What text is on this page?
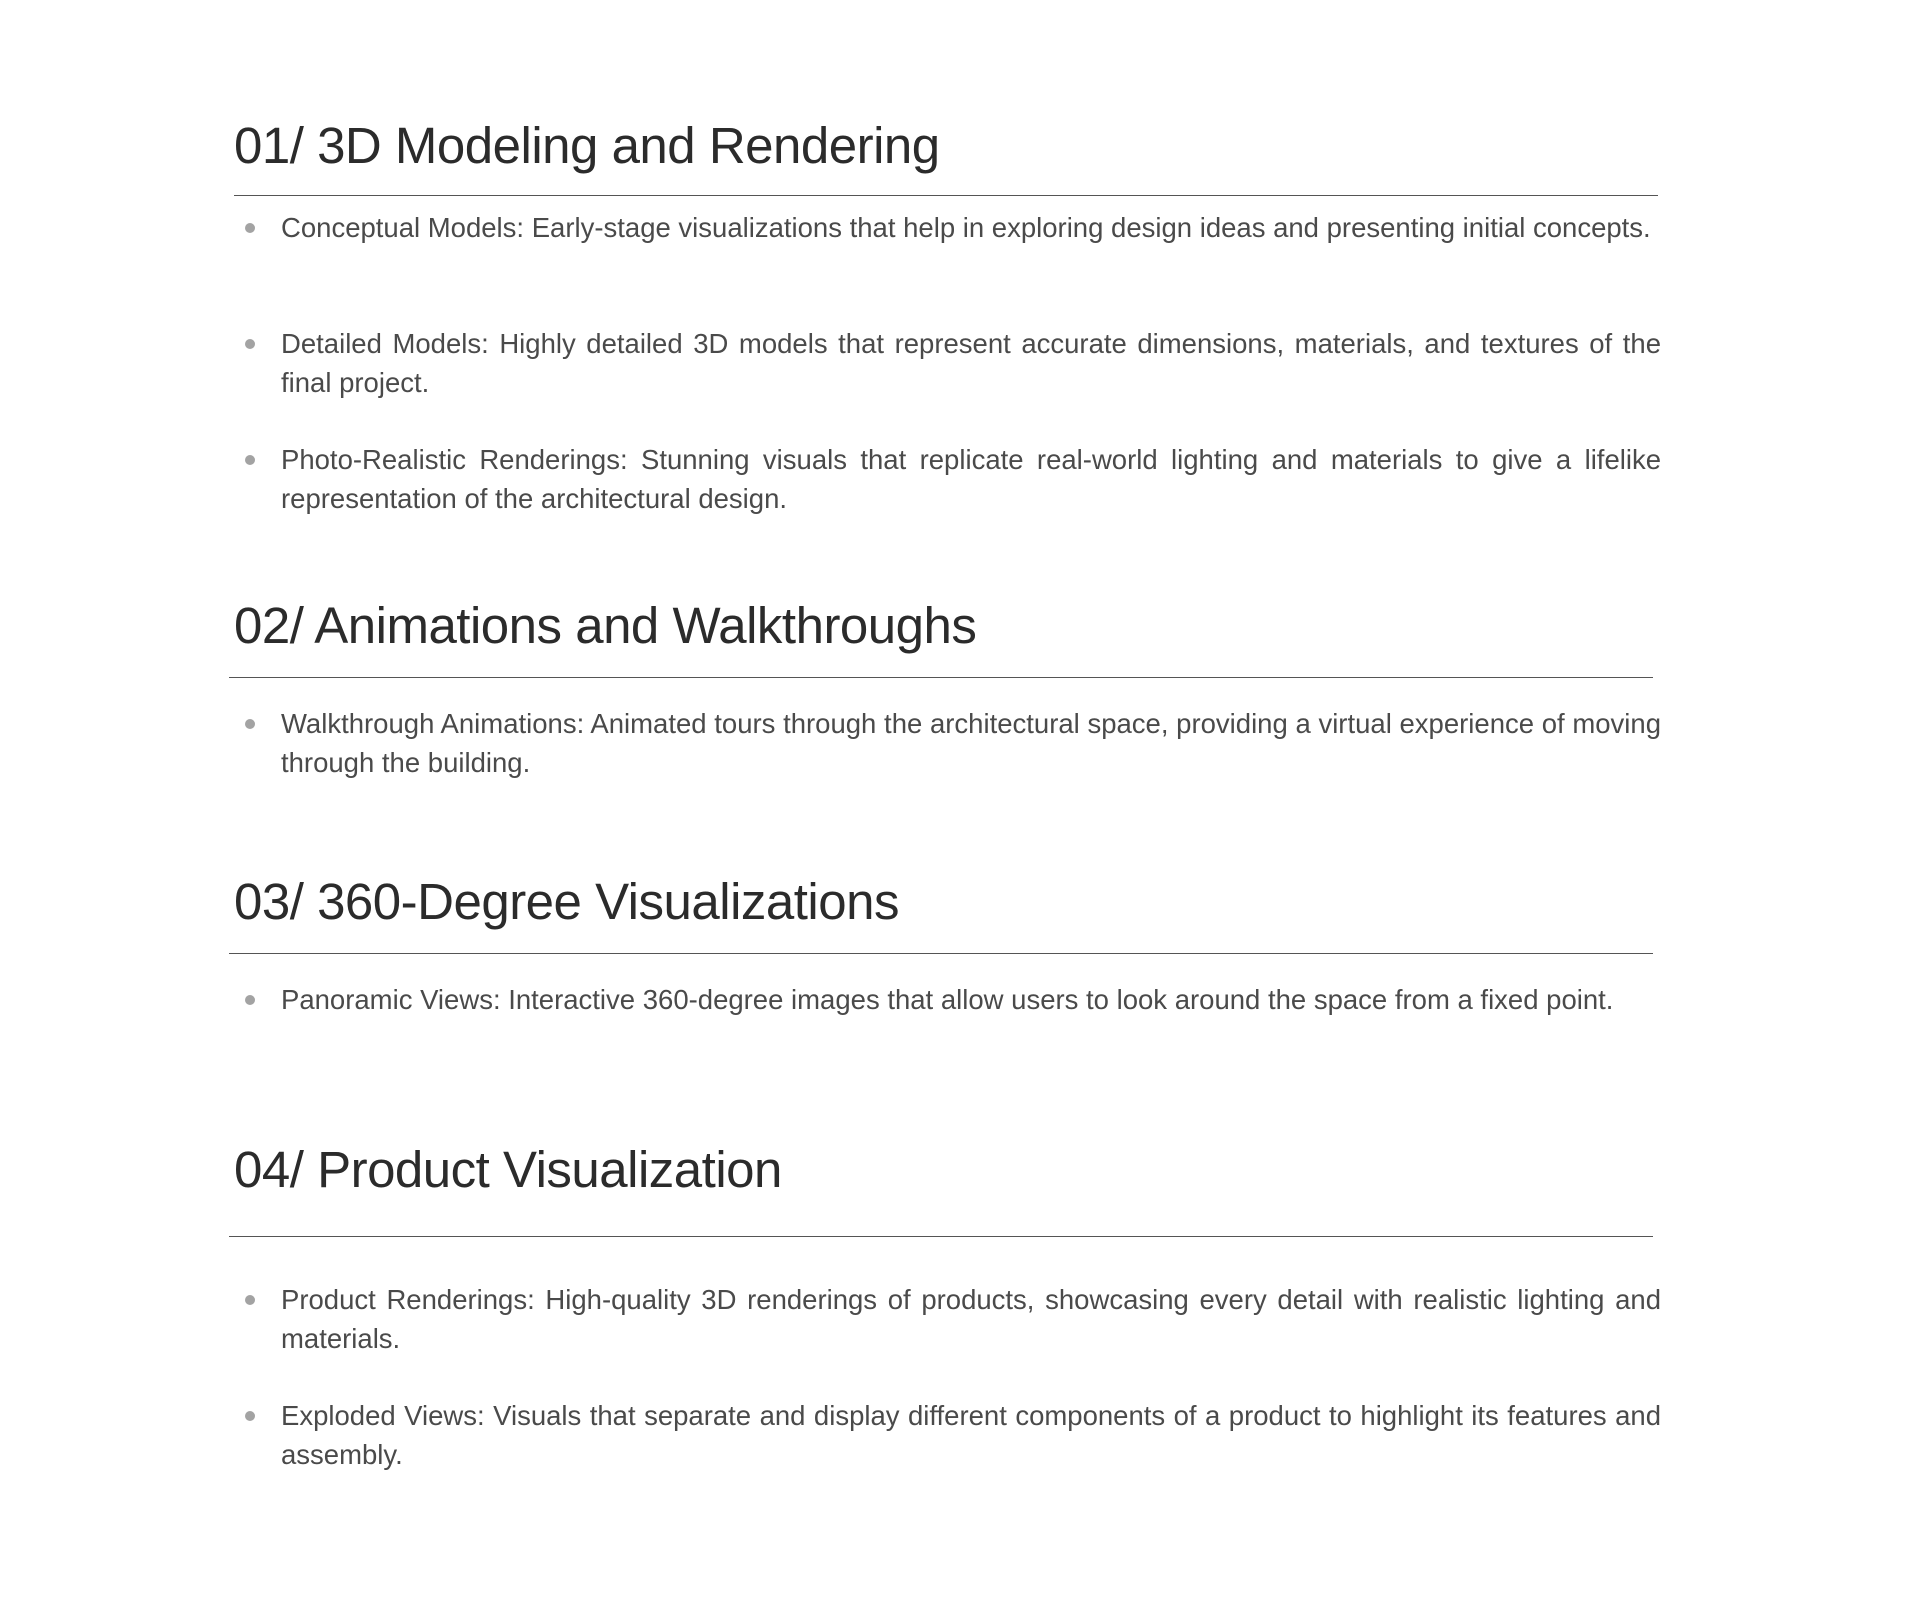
01/ 3D Modeling and Rendering
Conceptual Models: Early-stage visualizations that help in exploring design ideas and presenting initial concepts.
Detailed Models: Highly detailed 3D models that represent accurate dimensions, materials, and textures of the final project.
Photo-Realistic Renderings: Stunning visuals that replicate real-world lighting and materials to give a lifelike representation of the architectural design.
02/ Animations and Walkthroughs
Walkthrough Animations: Animated tours through the architectural space, providing a virtual experience of moving through the building.
03/ 360-Degree Visualizations
Panoramic Views: Interactive 360-degree images that allow users to look around the space from a fixed point.
04/ Product Visualization
Product Renderings: High-quality 3D renderings of products, showcasing every detail with realistic lighting and materials.
Exploded Views: Visuals that separate and display different components of a product to highlight its features and assembly.
